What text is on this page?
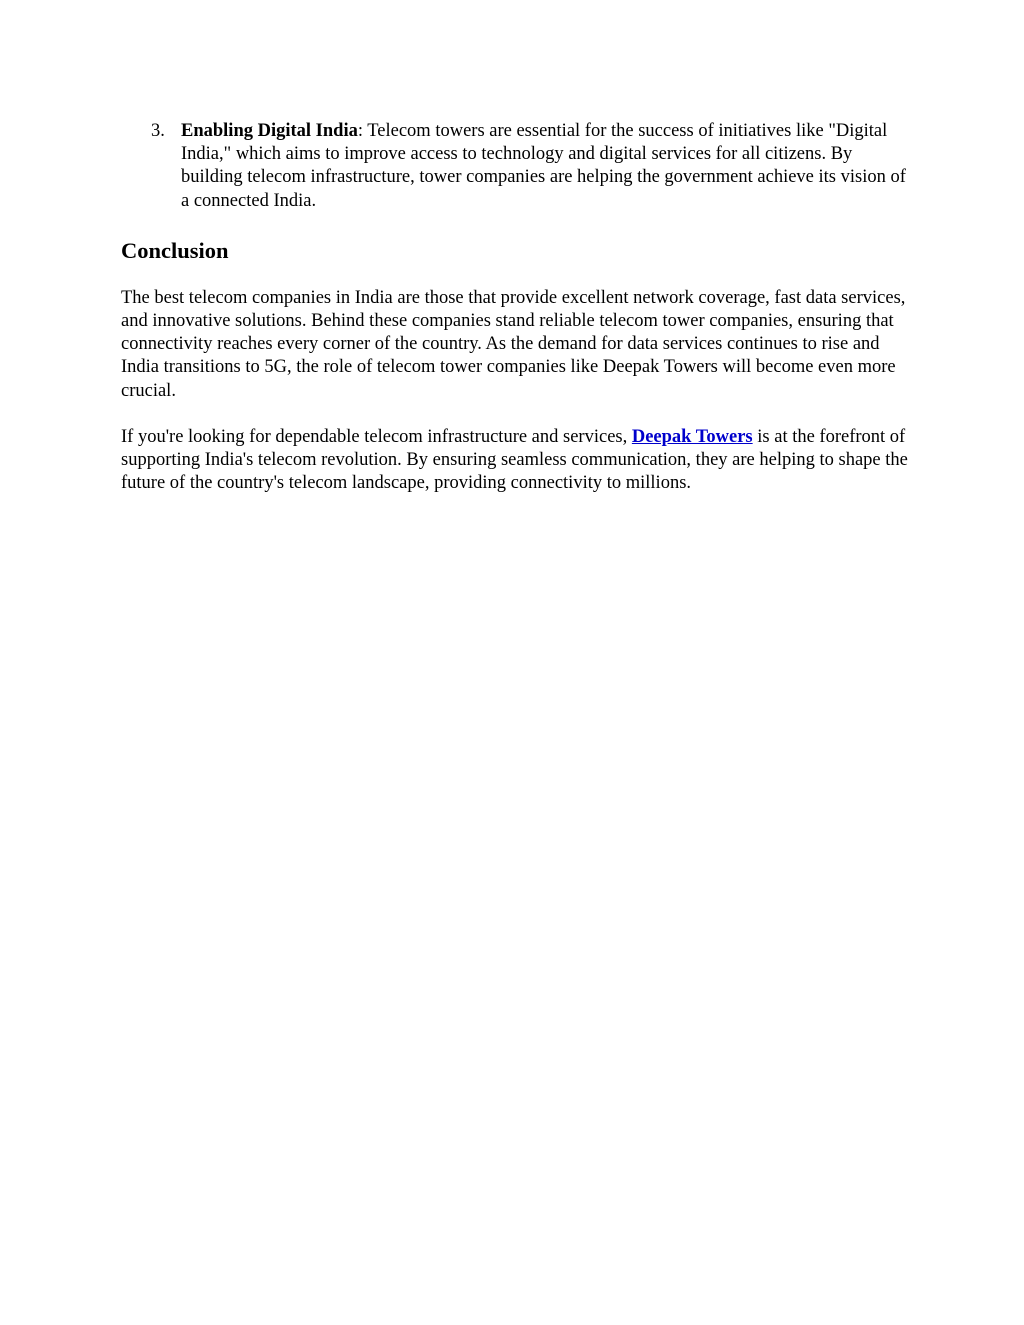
3. Enabling Digital India: Telecom towers are essential for the success of initiatives like "Digital India," which aims to improve access to technology and digital services for all citizens. By building telecom infrastructure, tower companies are helping the government achieve its vision of a connected India.
Conclusion

The best telecom companies in India are those that provide excellent network coverage, fast data services, and innovative solutions. Behind these companies stand reliable telecom tower companies, ensuring that connectivity reaches every corner of the country. As the demand for data services continues to rise and India transitions to 5G, the role of telecom tower companies like Deepak Towers will become even more crucial.

If you're looking for dependable telecom infrastructure and services, Deepak Towers is at the forefront of supporting India's telecom revolution. By ensuring seamless communication, they are helping to shape the future of the country's telecom landscape, providing connectivity to millions.
